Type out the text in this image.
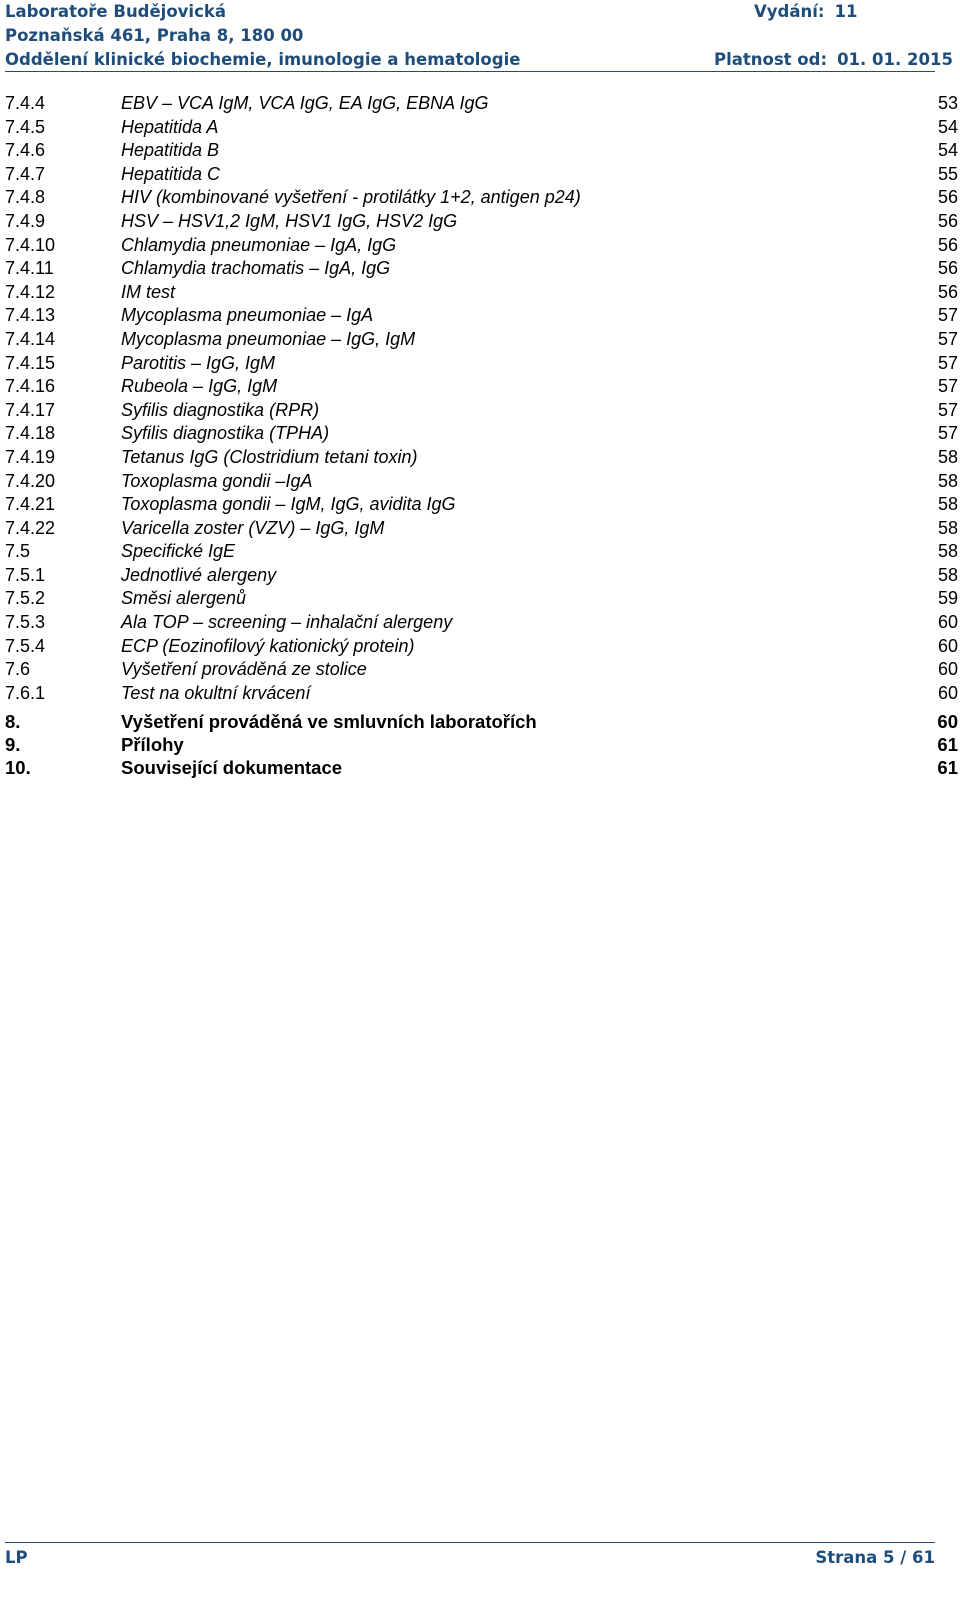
Laboratoře Budějovická	Vydání: 11
Poznaňská 461, Praha 8, 180 00
Oddělení klinické biochemie, imunologie a hematologie	Platnost od: 01. 01. 2015
7.4.4	EBV – VCA IgM, VCA IgG, EA IgG, EBNA IgG	53
7.4.5	Hepatitida A	54
7.4.6	Hepatitida B	54
7.4.7	Hepatitida C	55
7.4.8	HIV (kombinované vyšetření - protilátky 1+2, antigen p24)	56
7.4.9	HSV – HSV1,2 IgM, HSV1 IgG, HSV2 IgG	56
7.4.10	Chlamydia pneumoniae – IgA, IgG	56
7.4.11	Chlamydia trachomatis – IgA, IgG	56
7.4.12	IM test	56
7.4.13	Mycoplasma pneumoniae – IgA	57
7.4.14	Mycoplasma pneumoniae – IgG, IgM	57
7.4.15	Parotitis – IgG, IgM	57
7.4.16	Rubeola – IgG, IgM	57
7.4.17	Syfilis diagnostika (RPR)	57
7.4.18	Syfilis diagnostika (TPHA)	57
7.4.19	Tetanus IgG (Clostridium tetani toxin)	58
7.4.20	Toxoplasma gondii –IgA	58
7.4.21	Toxoplasma gondii – IgM, IgG, avidita IgG	58
7.4.22	Varicella zoster (VZV) – IgG, IgM	58
7.5	Specifické IgE	58
7.5.1	Jednotlivé alergeny	58
7.5.2	Směsi alergenů	59
7.5.3	Ala TOP – screening – inhalační alergeny	60
7.5.4	ECP (Eozinofilový kationický protein)	60
7.6	Vyšetření prováděná ze stolice	60
7.6.1	Test na okultní krvácení	60
8.	Vyšetření prováděná ve smluvních laboratořích	60
9.	Přílohy	61
10.	Související dokumentace	61
LP	Strana 5 / 61
